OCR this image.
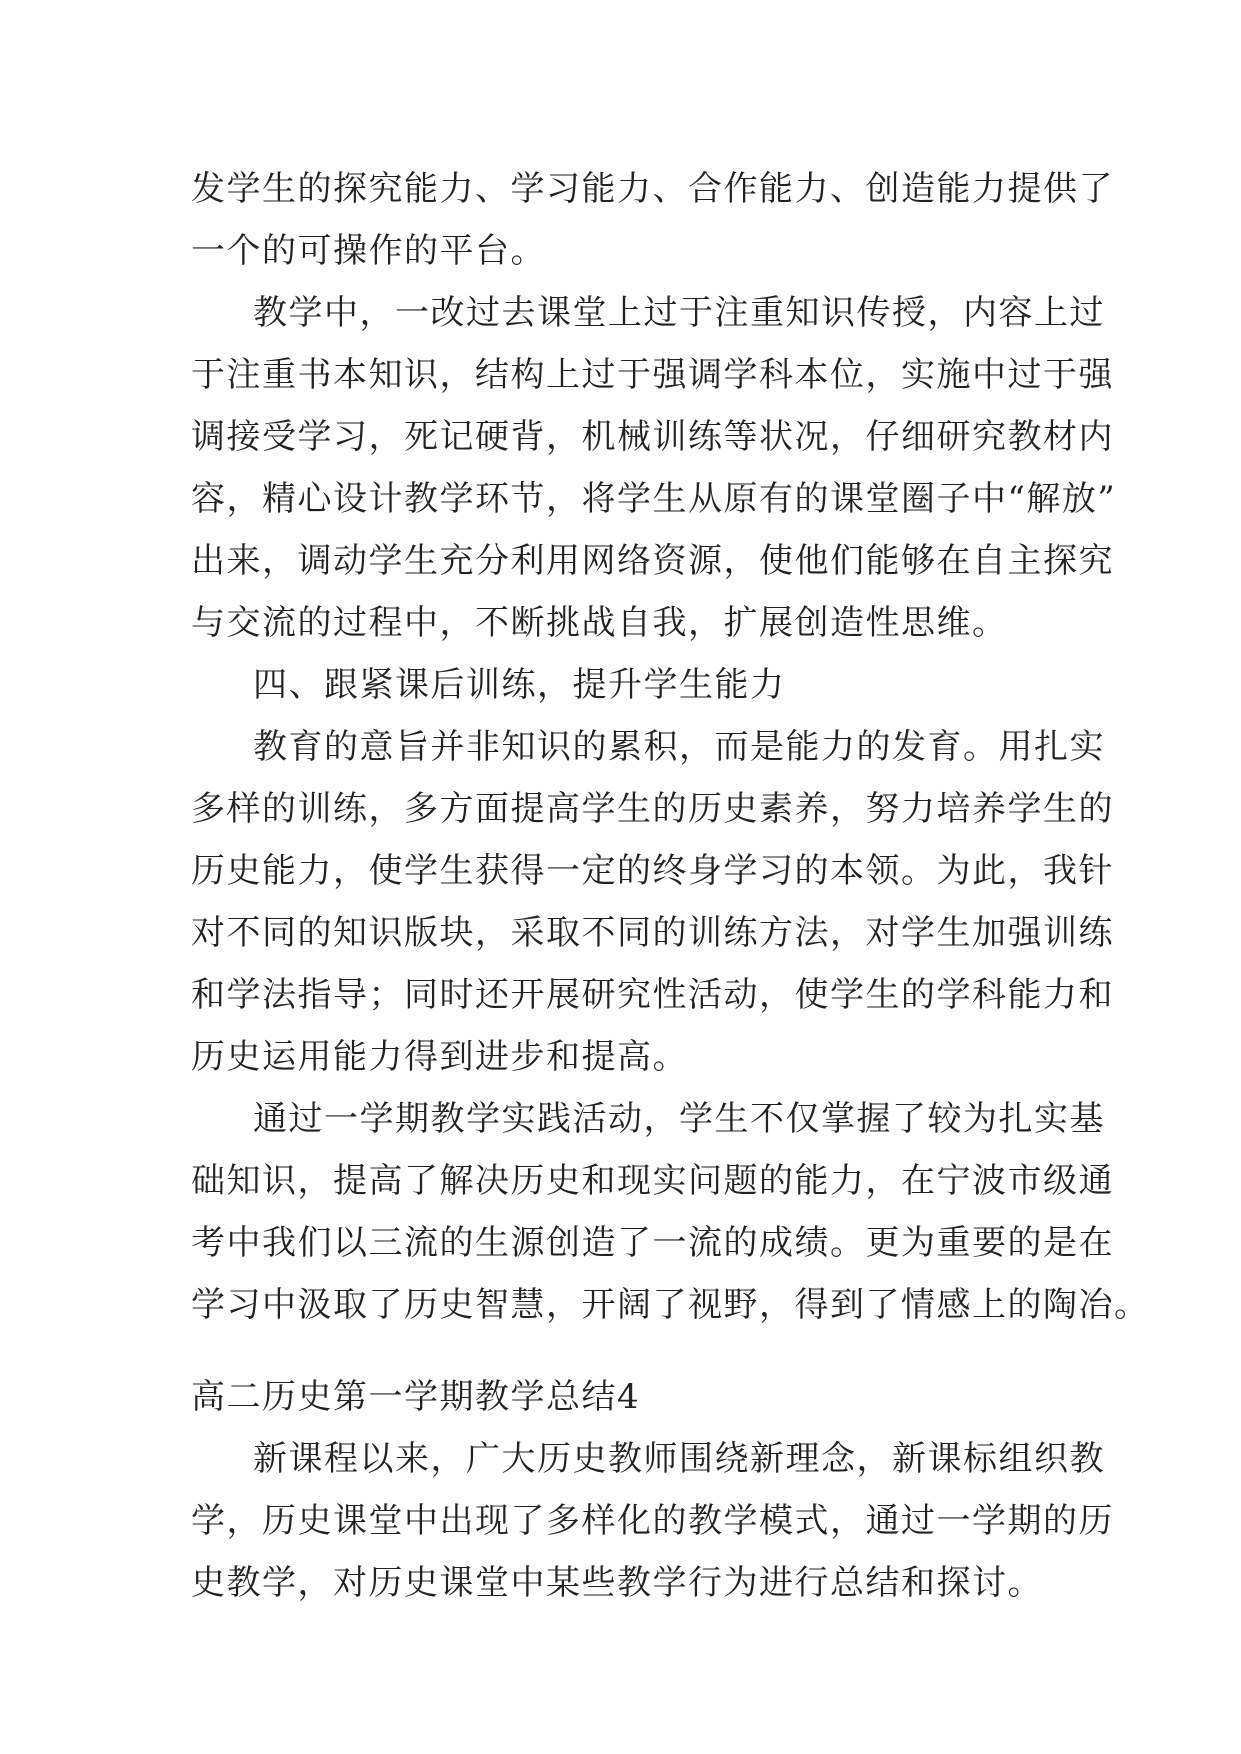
发学生的探究能力、学习能力、合作能力、创造能力提供了
一个的可操作的平台。
教学中，一改过去课堂上过于注重知识传授，内容上过
于注重书本知识，结构上过于强调学科本位，实施中过于强
调接受学习，死记硬背，机械训练等状况，仔细研究教材内
容，精心设计教学环节，将学生从原有的课堂圈子中“解放”
出来，调动学生充分利用网络资源，使他们能够在自主探究
与交流的过程中，不断挑战自我，扩展创造性思维。
四、跟紧课后训练，提升学生能力
教育的意旨并非知识的累积，而是能力的发育。用扎实
多样的训练，多方面提高学生的历史素养，努力培养学生的
历史能力，使学生获得一定的终身学习的本领。为此，我针
对不同的知识版块，采取不同的训练方法，对学生加强训练
和学法指导；同时还开展研究性活动，使学生的学科能力和
历史运用能力得到进步和提高。
通过一学期教学实践活动，学生不仅掌握了较为扎实基
础知识，提高了解决历史和现实问题的能力，在宁波市级通
考中我们以三流的生源创造了一流的成绩。更为重要的是在
学习中汲取了历史智慧，开阔了视野，得到了情感上的陶冶。
高二历史第一学期教学总结4
新课程以来，广大历史教师围绕新理念，新课标组织教
学，历史课堂中出现了多样化的教学模式，通过一学期的历
史教学，对历史课堂中某些教学行为进行总结和探讨。
